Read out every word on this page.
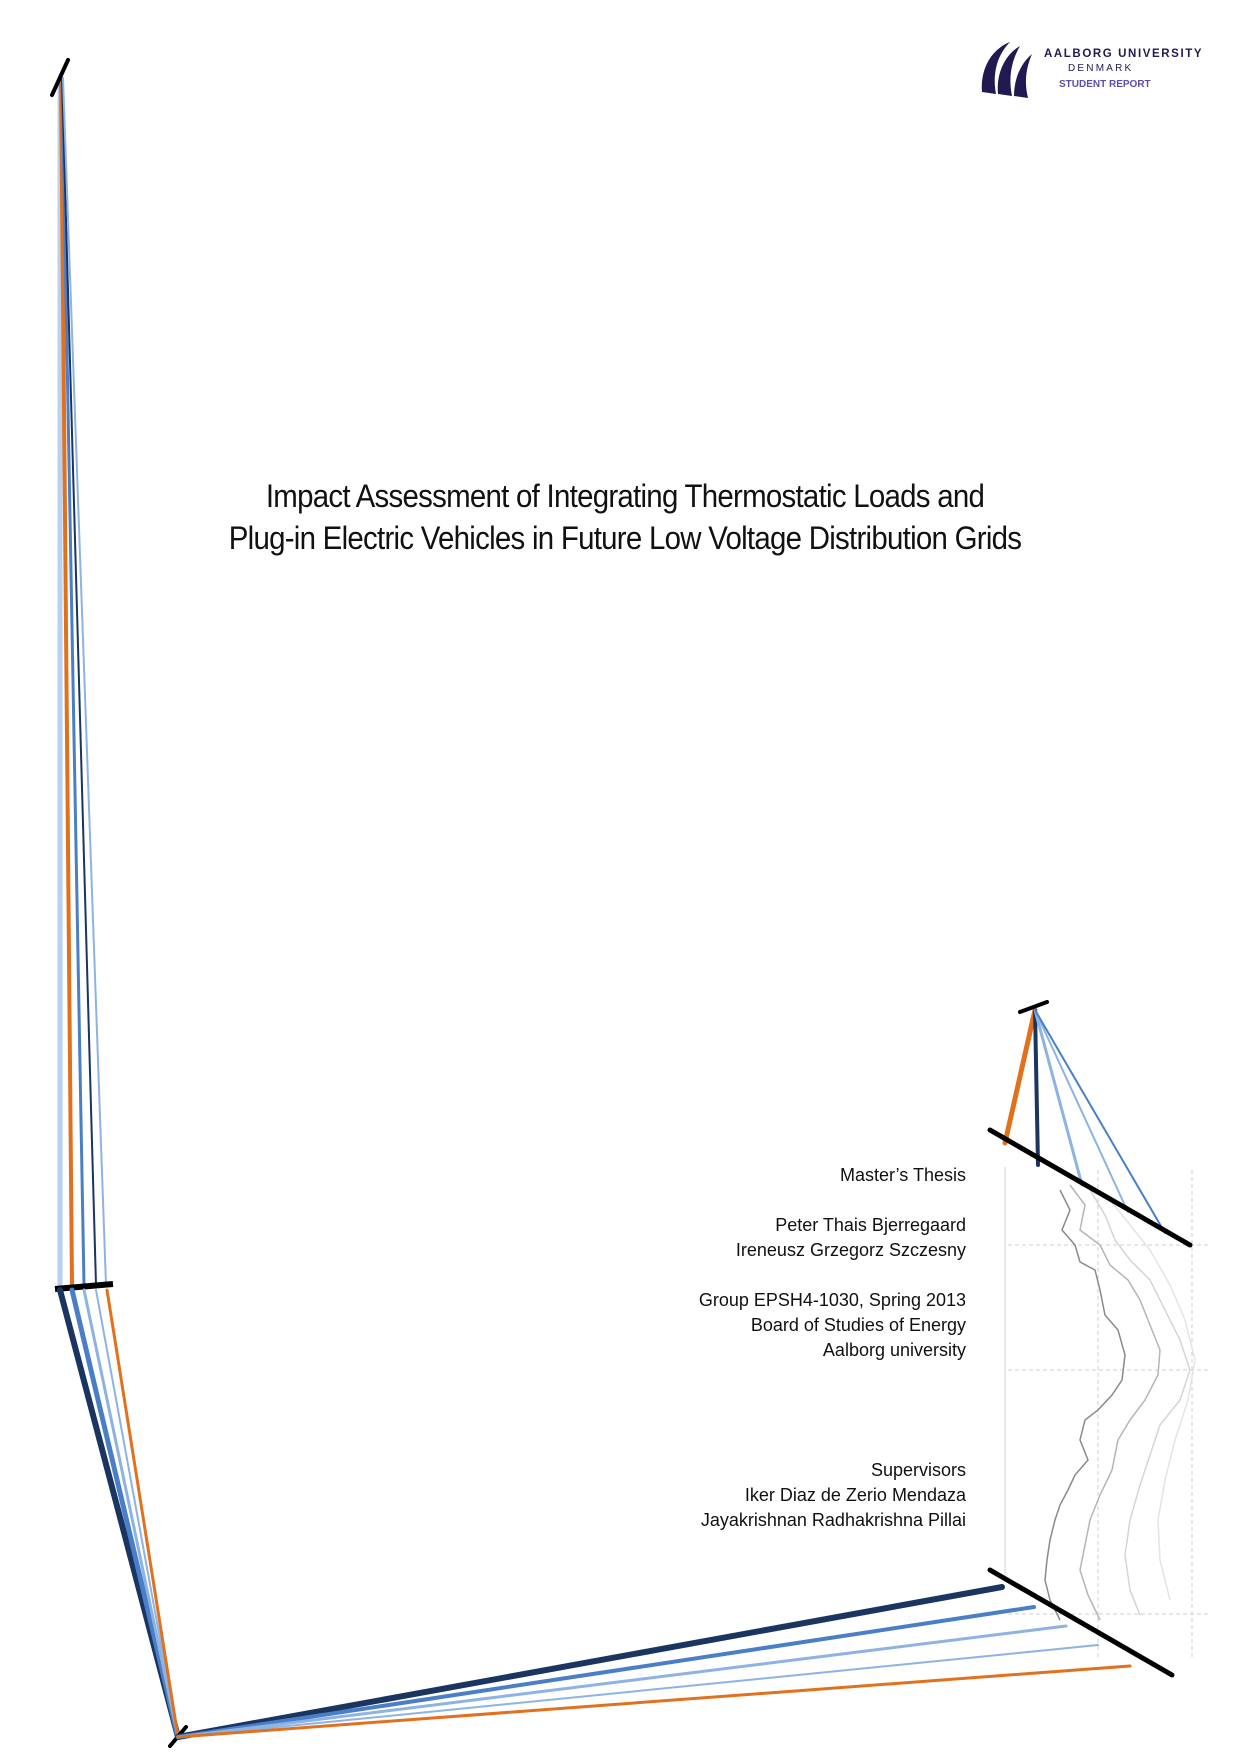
AALBORG UNIVERSITY
DENMARK
STUDENT REPORT
Impact Assessment of Integrating Thermostatic Loads and
Plug-in Electric Vehicles in Future Low Voltage Distribution Grids
Master’s Thesis
Peter Thais Bjerregaard
Ireneusz Grzegorz Szczesny
Group EPSH4-1030, Spring 2013
Board of Studies of Energy
Aalborg university
Supervisors
Iker Diaz de Zerio Mendaza
Jayakrishnan Radhakrishna Pillai
